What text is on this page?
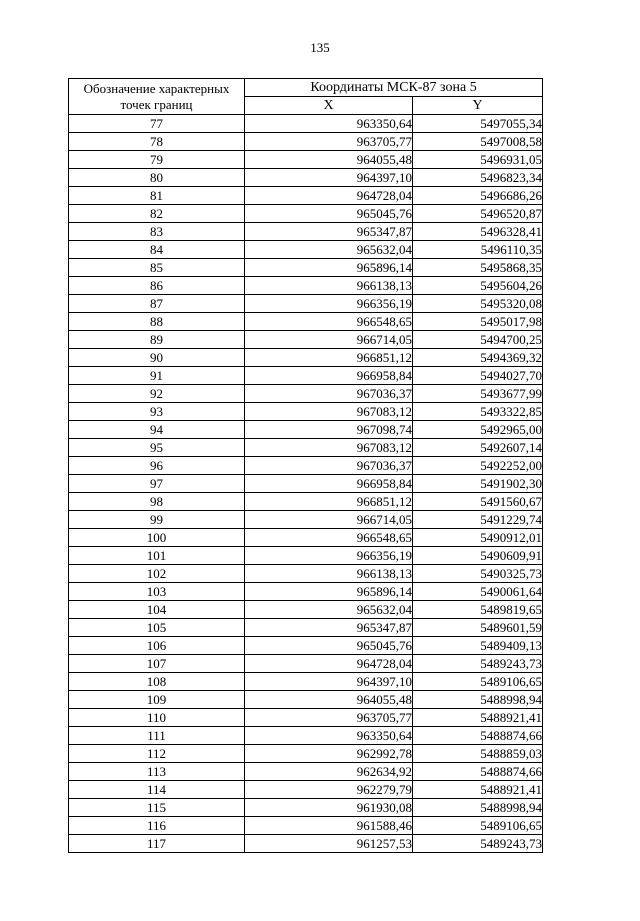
135
Обозначение характерных точек границ	Координаты МСК-87 зона 5	
	X	Y
77	963350,64	5497055,34
78	963705,77	5497008,58
79	964055,48	5496931,05
80	964397,10	5496823,34
81	964728,04	5496686,26
82	965045,76	5496520,87
83	965347,87	5496328,41
84	965632,04	5496110,35
85	965896,14	5495868,35
86	966138,13	5495604,26
87	966356,19	5495320,08
88	966548,65	5495017,98
89	966714,05	5494700,25
90	966851,12	5494369,32
91	966958,84	5494027,70
92	967036,37	5493677,99
93	967083,12	5493322,85
94	967098,74	5492965,00
95	967083,12	5492607,14
96	967036,37	5492252,00
97	966958,84	5491902,30
98	966851,12	5491560,67
99	966714,05	5491229,74
100	966548,65	5490912,01
101	966356,19	5490609,91
102	966138,13	5490325,73
103	965896,14	5490061,64
104	965632,04	5489819,65
105	965347,87	5489601,59
106	965045,76	5489409,13
107	964728,04	5489243,73
108	964397,10	5489106,65
109	964055,48	5488998,94
110	963705,77	5488921,41
111	963350,64	5488874,66
112	962992,78	5488859,03
113	962634,92	5488874,66
114	962279,79	5488921,41
115	961930,08	5488998,94
116	961588,46	5489106,65
117	961257,53	5489243,73
